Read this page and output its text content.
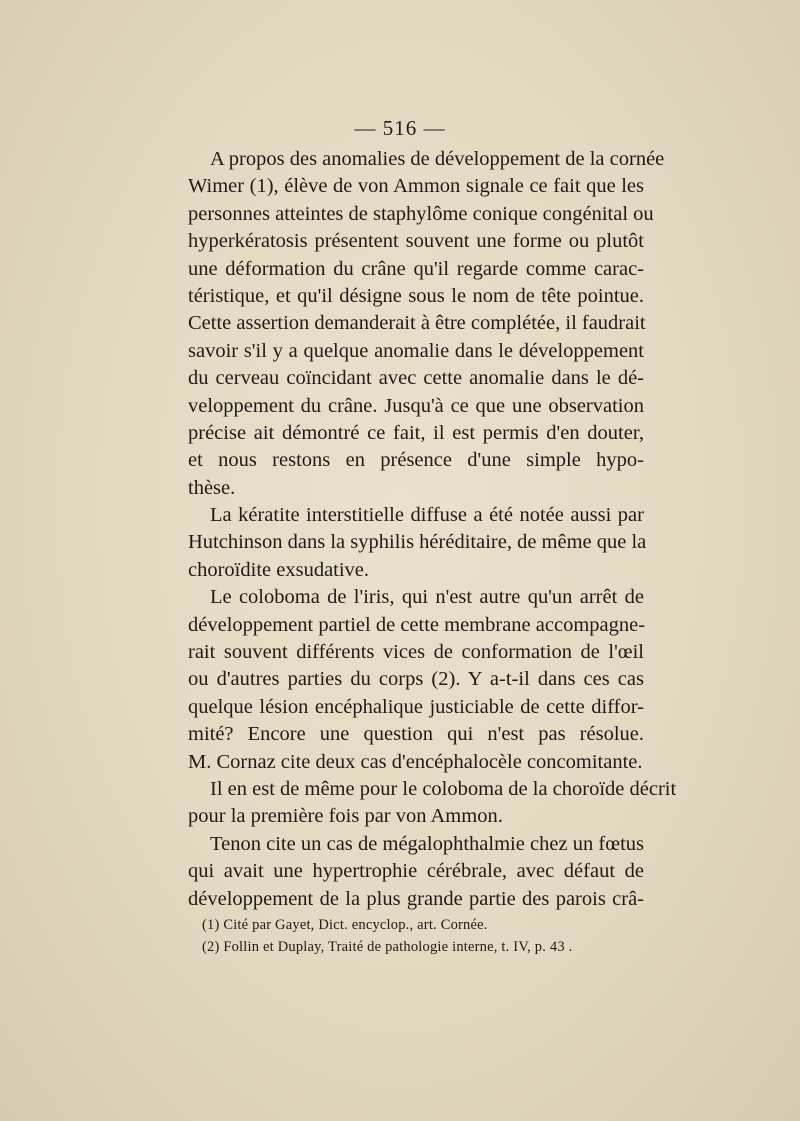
— 516 —
A propos des anomalies de développement de la cornée
Wimer (1), élève de von Ammon signale ce fait que les
personnes atteintes de staphylôme conique congénital ou
hyperkératosis présentent souvent une forme ou plutôt
une déformation du crâne qu'il regarde comme carac-
téristique, et qu'il désigne sous le nom de tête pointue.
Cette assertion demanderait à être complétée, il faudrait
savoir s'il y a quelque anomalie dans le développement
du cerveau coïncidant avec cette anomalie dans le dé-
veloppement du crâne. Jusqu'à ce que une observation
précise ait démontré ce fait, il est permis d'en douter,
et nous restons en présence d'une simple hypo-
thèse.
La kératite interstitielle diffuse a été notée aussi par
Hutchinson dans la syphilis héréditaire, de même que la
choroïdite exsudative.
Le coloboma de l'iris, qui n'est autre qu'un arrêt de
développement partiel de cette membrane accompagne-
rait souvent différents vices de conformation de l'œil
ou d'autres parties du corps (2). Y a-t-il dans ces cas
quelque lésion encéphalique justiciable de cette diffor-
mité? Encore une question qui n'est pas résolue.
M. Cornaz cite deux cas d'encéphalocèle concomitante.
Il en est de même pour le coloboma de la choroïde décrit
pour la première fois par von Ammon.
Tenon cite un cas de mégalophthalmie chez un fœtus
qui avait une hypertrophie cérébrale, avec défaut de
développement de la plus grande partie des parois crâ-
(1) Cité par Gayet, Dict. encyclop., art. Cornée.
(2) Follin et Duplay, Traité de pathologie interne, t. IV, p. 43 .
